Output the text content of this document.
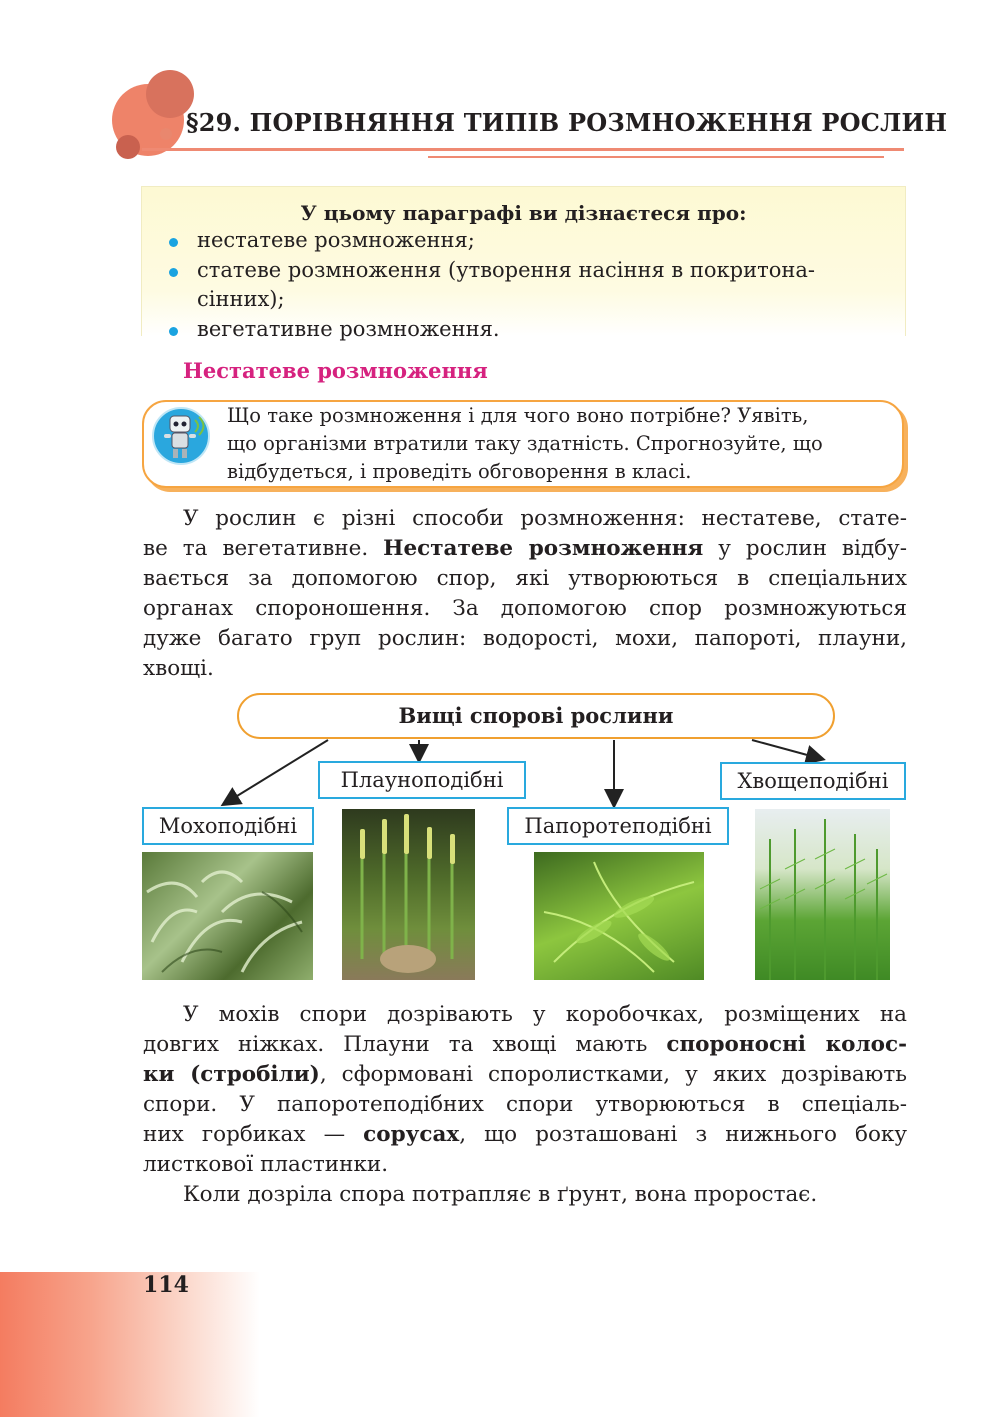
§29. ПОРІВНЯННЯ ТИПІВ РОЗМНОЖЕННЯ РОСЛИН
У цьому параграфі ви дізнаєтеся про:
нестатеве розмноження;
статеве розмноження (утворення насіння в покритона-
сінних);
вегетативне розмноження.
Нестатеве розмноження
Що таке розмноження і для чого воно потрібне? Уявіть,
що організми втратили таку здатність. Спрогнозуйте, що
відбудеться, і проведіть обговорення в класі.
У рослин є різні способи розмноження: нестатеве, стате-
ве та вегетативне. Нестатеве розмноження у рослин відбу-
вається за допомогою спор, які утворюються в спеціальних
органах спороношення. За допомогою спор розмножуються
дуже багато груп рослин: водорості, мохи, папороті, плауни,
хвощі.
Вищі спорові рослини
Мохоподібні
Плауноподібні
Папоротеподібні
Хвощеподібні
У мохів спори дозрівають у коробочках, розміщених на
довгих ніжках. Плауни та хвощі мають спороносні колос-
ки (стробіли), сформовані споролистками, у яких дозрівають
спори. У папоротеподібних спори утворюються в спеціаль-
них горбиках — сорусах, що розташовані з нижнього боку
листкової пластинки.
Коли дозріла спора потрапляє в ґрунт, вона проростає.
114
